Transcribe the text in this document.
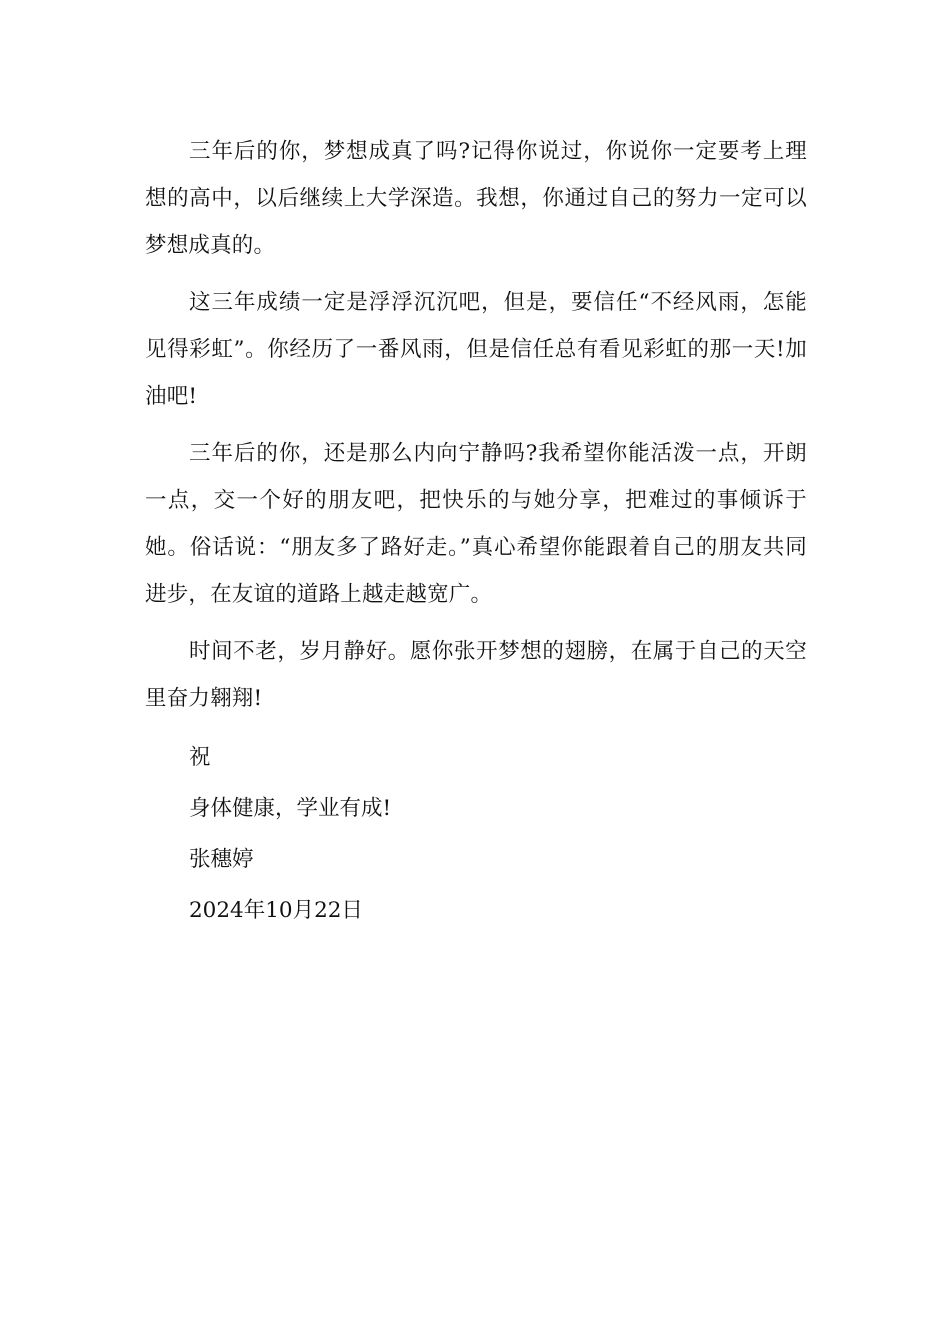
三年后的你，梦想成真了吗?记得你说过，你说你一定要考上理想的高中，以后继续上大学深造。我想，你通过自己的努力一定可以梦想成真的。

这三年成绩一定是浮浮沉沉吧，但是，要信任“不经风雨，怎能见得彩虹”。你经历了一番风雨，但是信任总有看见彩虹的那一天!加油吧!

三年后的你，还是那么内向宁静吗?我希望你能活泼一点，开朗一点，交一个好的朋友吧，把快乐的与她分享，把难过的事倾诉于她。俗话说：“朋友多了路好走。”真心希望你能跟着自己的朋友共同进步，在友谊的道路上越走越宽广。

时间不老，岁月静好。愿你张开梦想的翅膀，在属于自己的天空里奋力翱翔!

祝

身体健康，学业有成!

张穗婷

2024年10月22日
